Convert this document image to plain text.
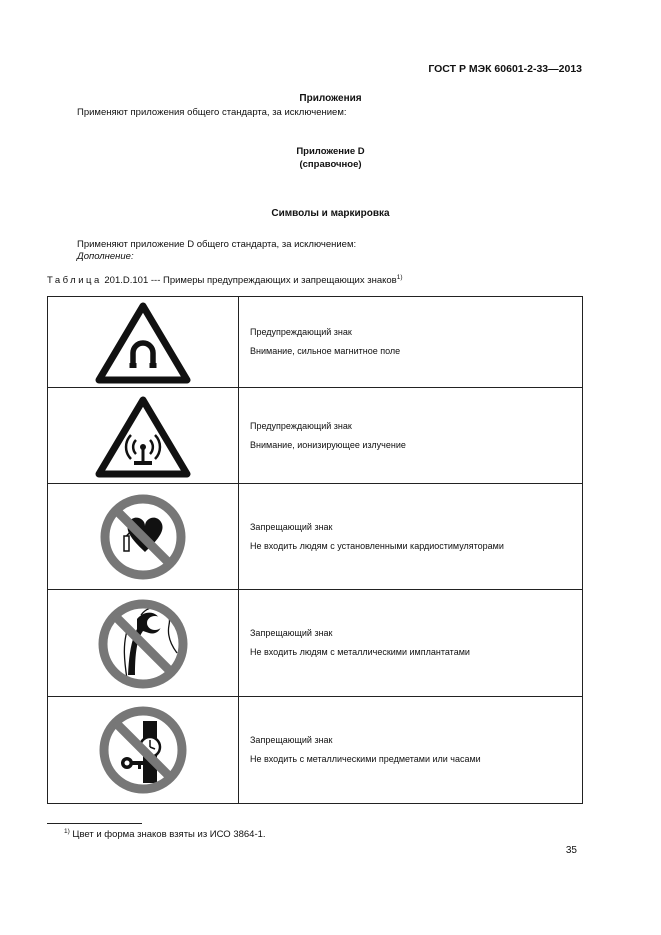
ГОСТ Р МЭК 60601-2-33—2013
Приложения
Применяют приложения общего стандарта, за исключением:
Приложение D
(справочное)
Символы и маркировка
Применяют приложение D общего стандарта, за исключением:
Дополнение:
Таблица 201.D.101 --- Примеры предупреждающих и запрещающих знаков$^{1)}$

Предупреждающий знак
Внимание, сильное магнитное поле

Предупреждающий знак
Внимание, ионизирующее излучение

Запрещающий знак
Не входить людям с установленными кардиостимуляторами

Запрещающий знак
Не входить людям с металлическими имплантатами

Запрещающий знак
Не входить с металлическими предметами или часами
$^{1)}$ Цвет и форма знаков взяты из ИСО 3864-1.
35
